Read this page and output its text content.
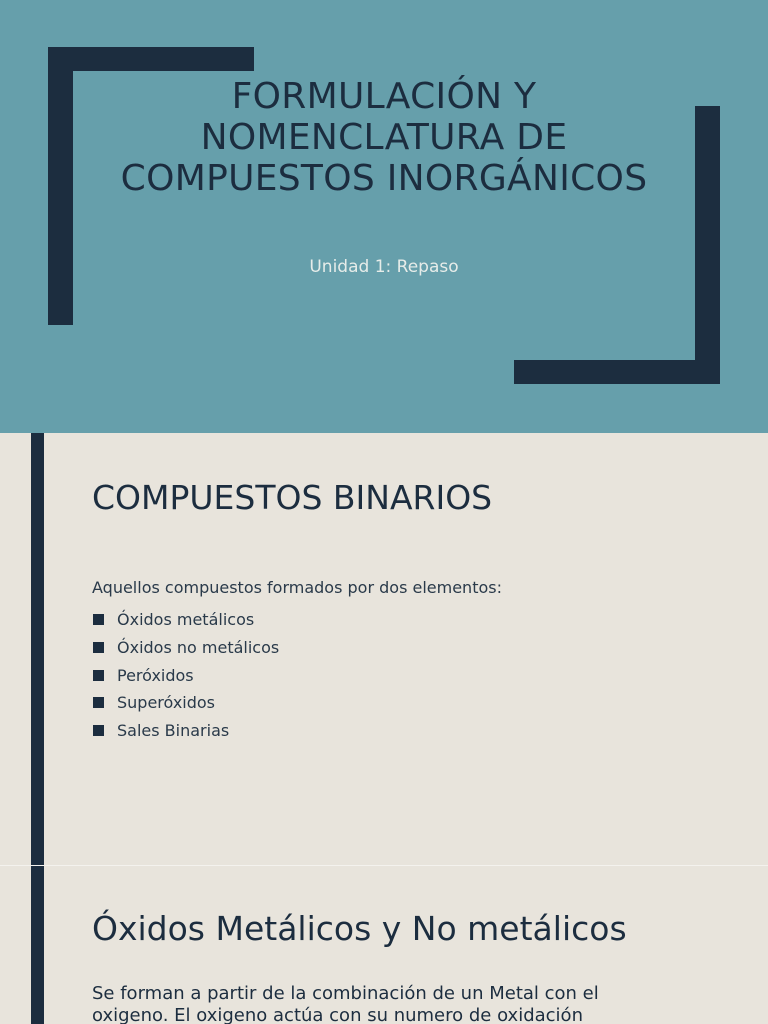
FORMULACIÓN Y NOMENCLATURA DE COMPUESTOS INORGÁNICOS

Unidad 1: Repaso

COMPUESTOS BINARIOS

Aquellos compuestos formados por dos elementos:

Óxidos metálicos
Óxidos no metálicos
Peróxidos
Superóxidos
Sales Binarias
Óxidos Metálicos y No metálicos

Se forman a partir de la combinación de un Metal con el oxigeno. El oxigeno actúa con su numero de oxidación
